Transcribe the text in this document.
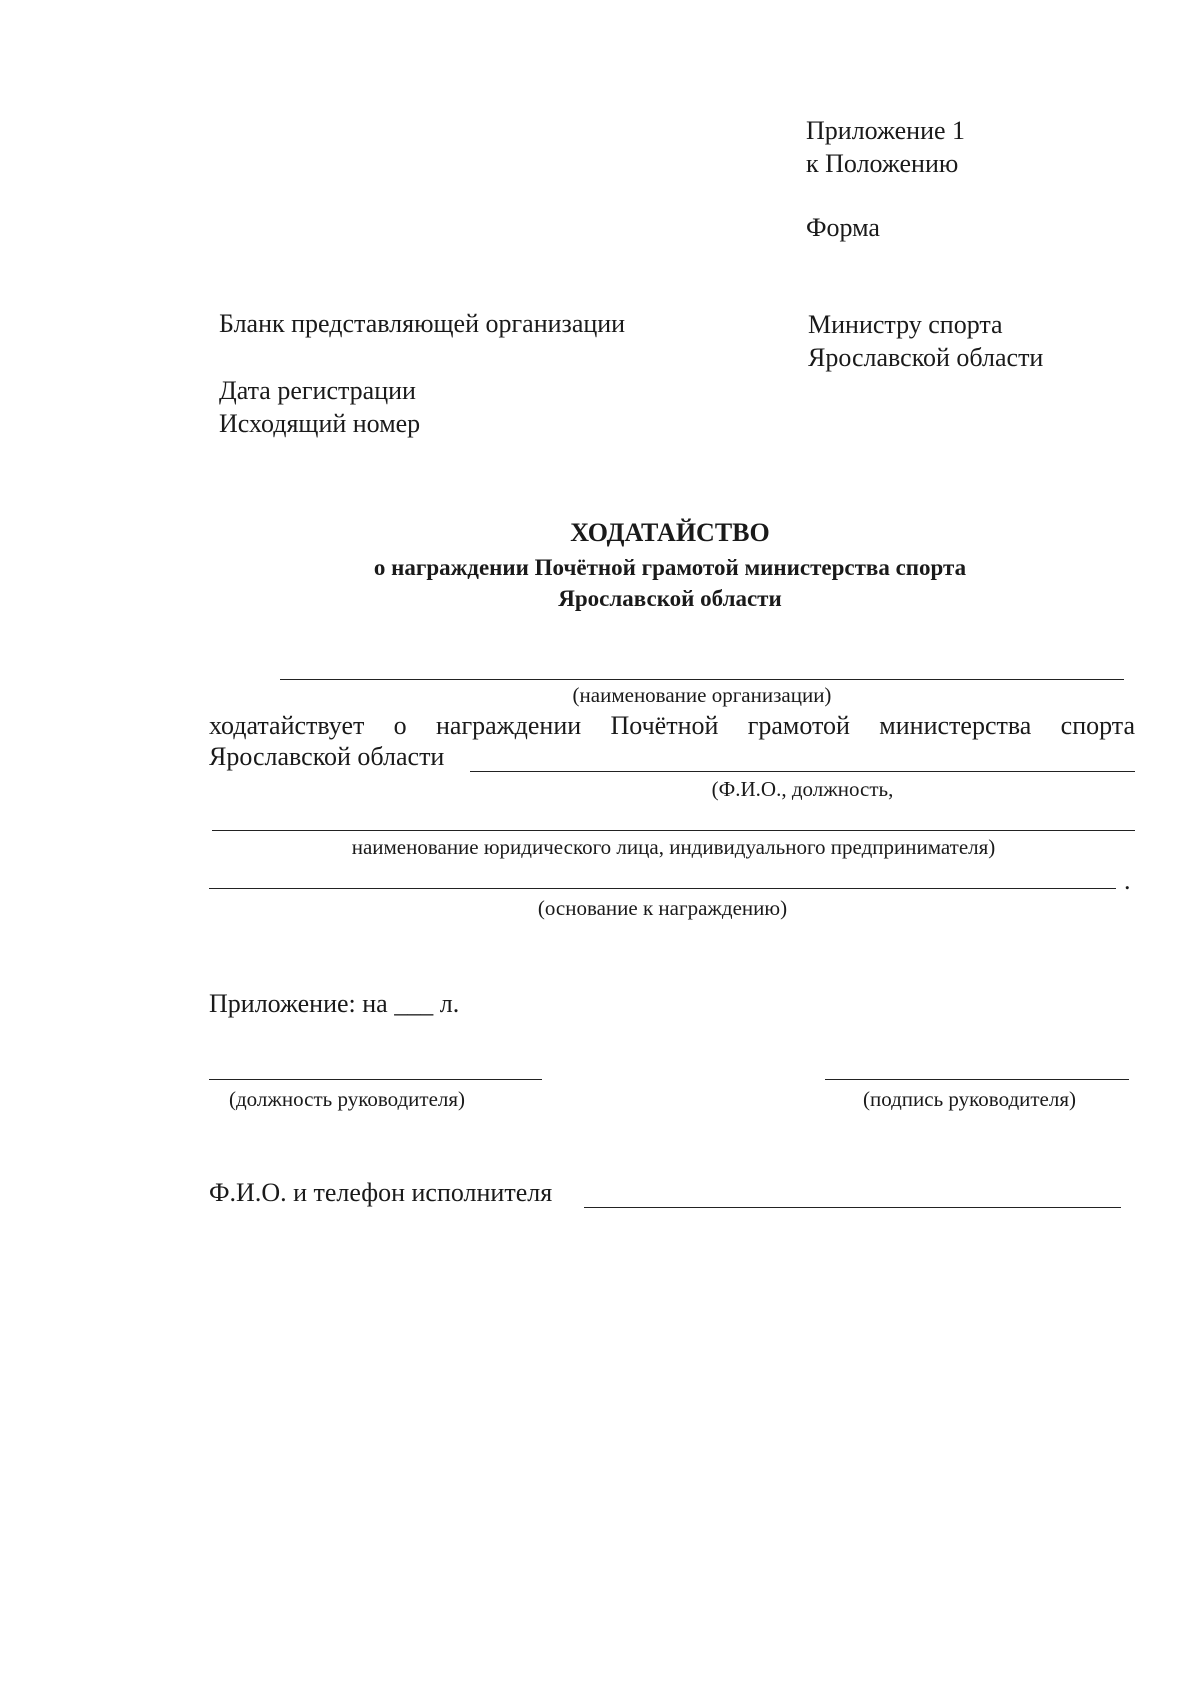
Приложение 1
к Положению
Форма
Бланк представляющей организации
Дата регистрации
Исходящий номер
Министру спорта
Ярославской области
ХОДАТАЙСТВО
о награждении Почётной грамотой министерства спорта
Ярославской области
(наименование организации)
ходатайствует о награждении Почётной грамотой министерства спорта
Ярославской области
(Ф.И.О., должность,
наименование юридического лица, индивидуального предпринимателя)
.
(основание к награждению)
Приложение: на ___ л.
(должность руководителя)	(подпись руководителя)
Ф.И.О. и телефон исполнителя
